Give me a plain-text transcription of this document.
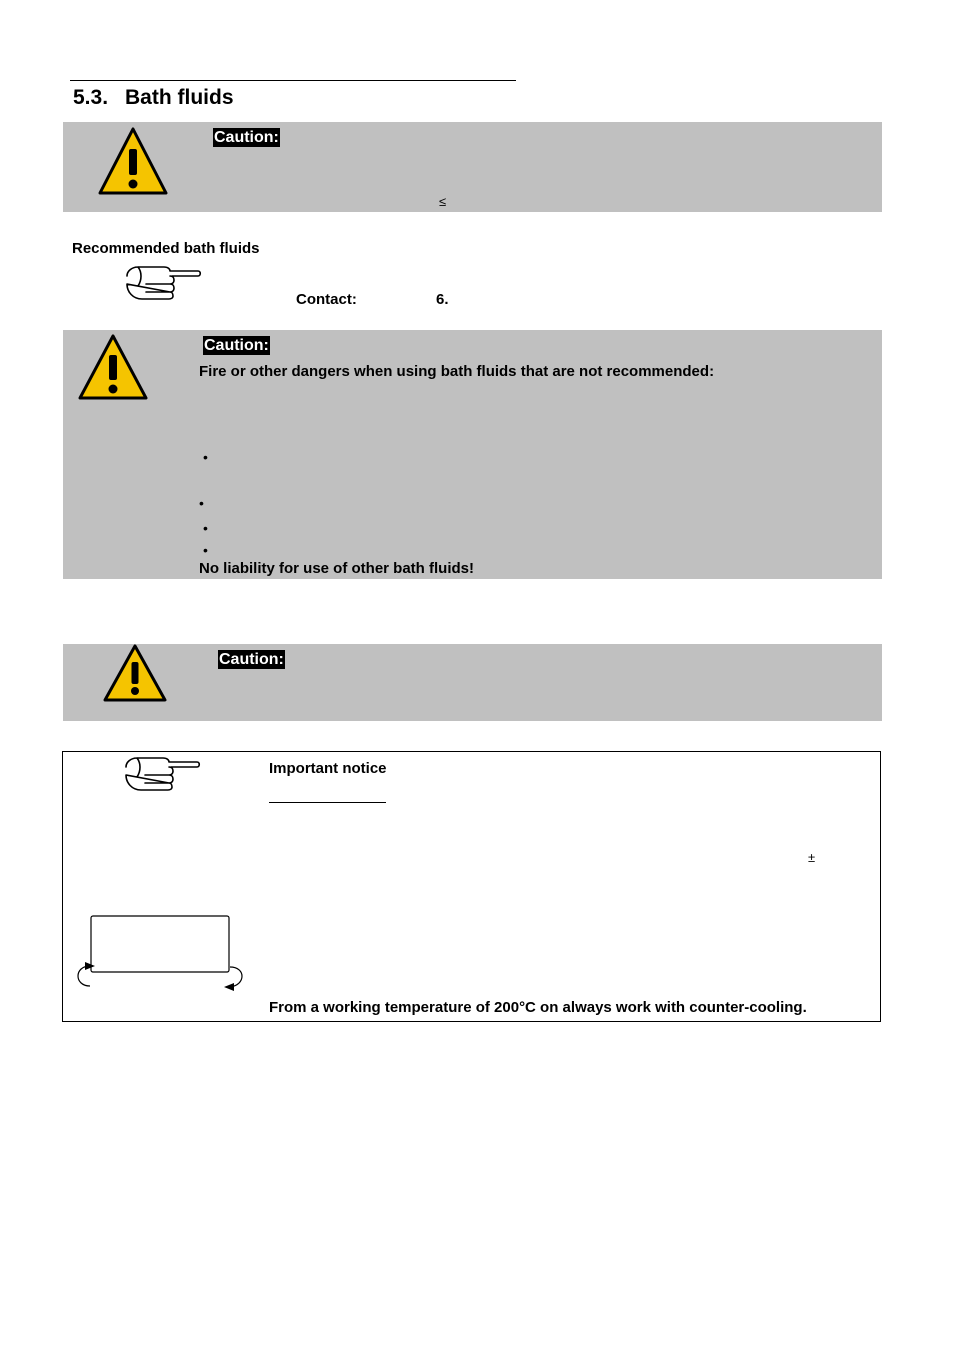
5.3. Bath fluids
Caution:
≤
Recommended bath fluids
Contact:	6.
Caution:
Fire or other dangers when using bath fluids that are not recommended:
•
•
•
•
No liability for use of other bath fluids!
Caution:
Important notice
±
From a working temperature of 200°C on always work with counter-cooling.
